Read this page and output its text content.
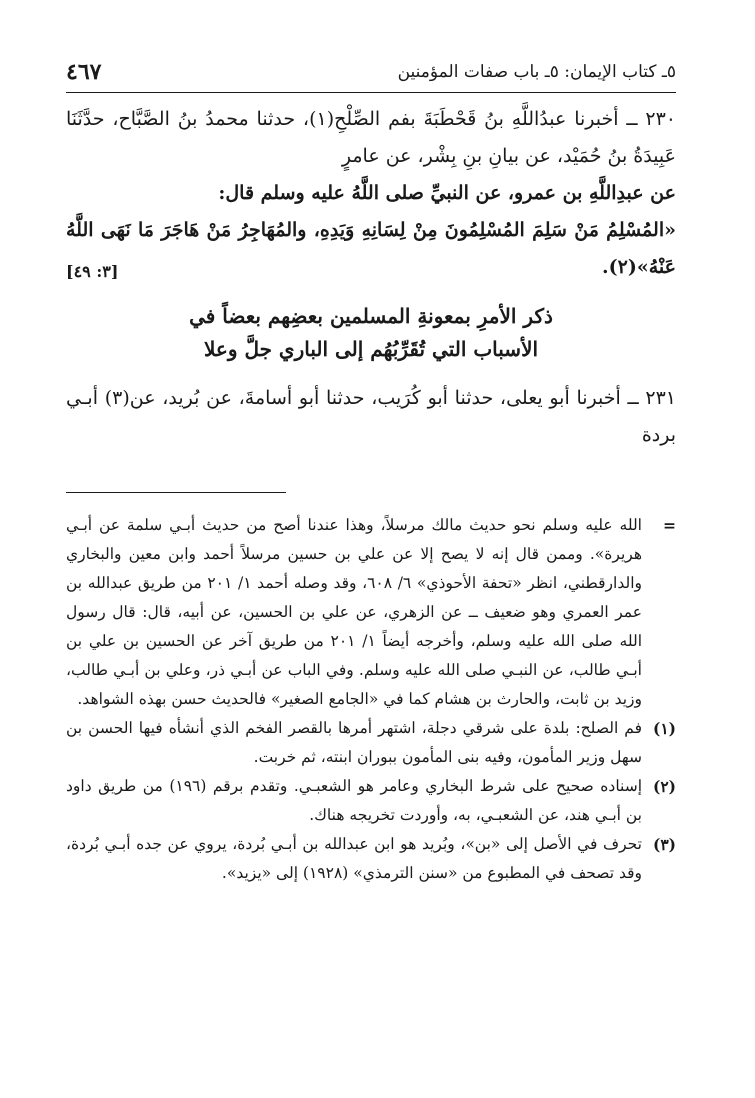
٥ـ كتاب الإيمان: ٥ـ باب صفات المؤمنين
٤٦٧

٢٣٠ ــ أخبرنا عبدُاللَّهِ بنُ قَحْطَبَةَ بفم الصِّلْحِ(١)، حدثنا محمدُ بنُ الصَّبَّاح، حدَّثَنَا عَبِيدَةُ بنُ حُمَيْد، عن بيانِ بنِ بِشْر، عن عامرٍ

عن عبدِاللَّهِ بن عمرو، عن النبيِّ صلى اللَّهُ عليه وسلم قال:

«المُسْلِمُ مَنْ سَلِمَ المُسْلِمُونَ مِنْ لِسَانِهِ وَيَدِهِ، والمُهَاجِرُ مَنْ هَاجَرَ مَا نَهَى اللَّهُ عَنْهُ»(٢).
[٣: ٤٩]

ذكر الأمرِ بمعونةِ المسلمين بعضِهم بعضاً في
الأسباب التي تُقَرِّبُهُم إلى الباري جلَّ وعلا

٢٣١ ــ أخبرنا أبو يعلى، حدثنا أبو كُرَيب، حدثنا أبو أسامةَ، عن بُريد، عن(٣) أبـي بردة

=
الله عليه وسلم نحو حديث مالك مرسلاً، وهذا عندنا أصح من حديث أبـي سلمة عن أبـي هريرة». وممن قال إنه لا يصح إلا عن علي بن حسين مرسلاً أحمد وابن معين والبخاري والدارقطني، انظر «تحفة الأحوذي» ٦/ ٦٠٨، وقد وصله أحمد ١/ ٢٠١ من طريق عبدالله بن عمر العمري وهو ضعيف ــ عن الزهري، عن علي بن الحسين، عن أبيه، قال: قال رسول الله صلى الله عليه وسلم، وأخرجه أيضاً ١/ ٢٠١ من طريق آخر عن الحسين بن علي بن أبـي طالب، عن النبـي صلى الله عليه وسلم. وفي الباب عن أبـي ذر، وعلي بن أبـي طالب، وزيد بن ثابت، والحارث بن هشام كما في «الجامع الصغير» فالحديث حسن بهذه الشواهد.
(١)
فم الصلح: بلدة على شرقي دجلة، اشتهر أمرها بالقصر الفخم الذي أنشأه فيها الحسن بن سهل وزير المأمون، وفيه بنى المأمون ببوران ابنته، ثم خربت.
(٢)
إسناده صحيح على شرط البخاري وعامر هو الشعبـي. وتقدم برقم (١٩٦) من طريق داود بن أبـي هند، عن الشعبـي، به، وأوردت تخريجه هناك.
(٣)
تحرف في الأصل إلى «بن»، وبُريد هو ابن عبدالله بن أبـي بُردة، يروي عن جده أبـي بُردة، وقد تصحف في المطبوع من «سنن الترمذي» (١٩٢٨) إلى «يزيد».
